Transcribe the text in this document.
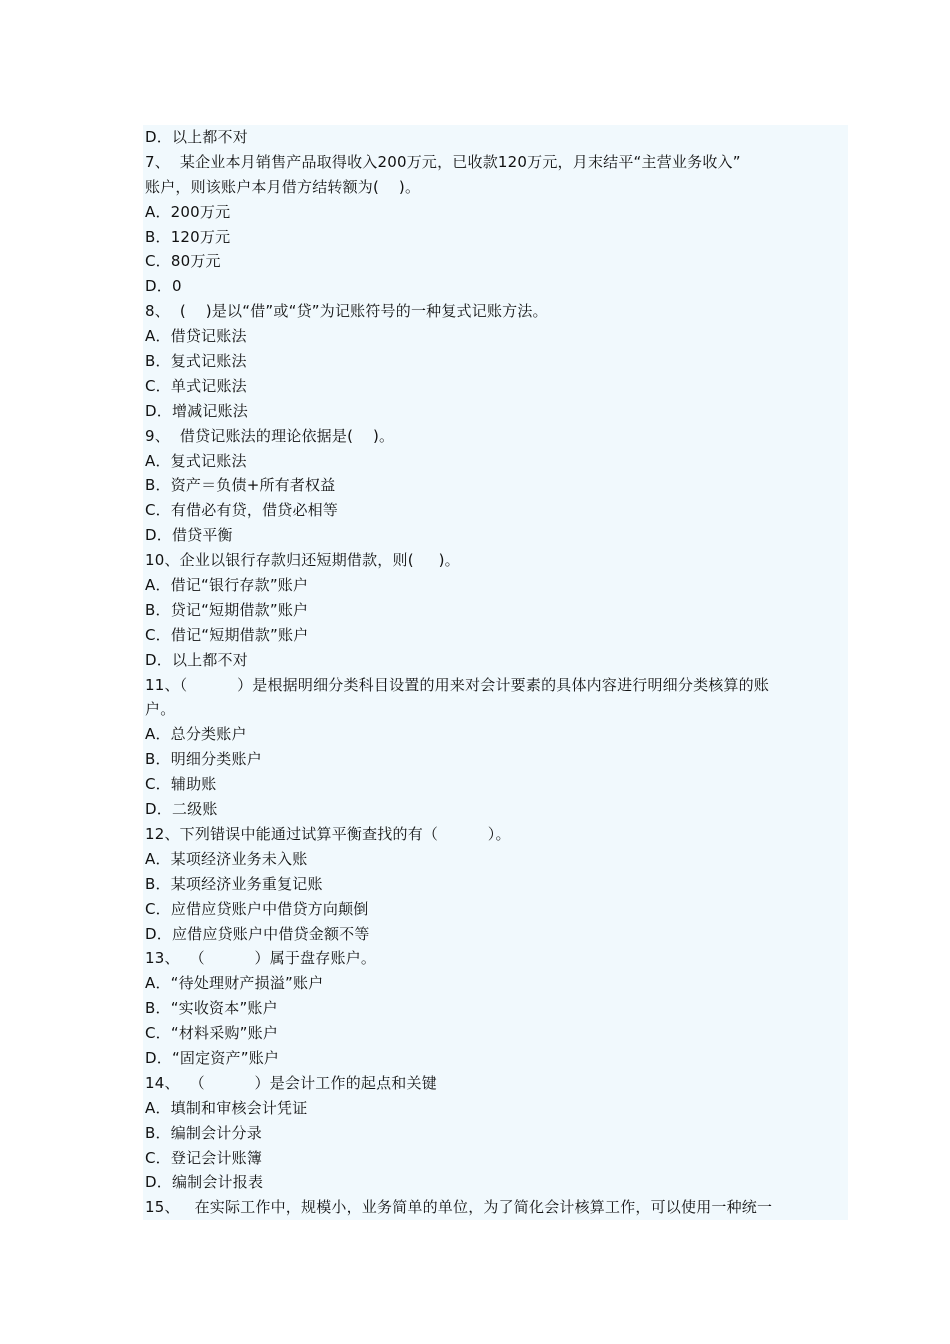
D．以上都不对
7、  某企业本月销售产品取得收入200万元，已收款120万元，月末结平“主营业务收入”
账户，则该账户本月借方结转额为(    )。
A．200万元
B．120万元
C．80万元
D．0
8、  (    )是以“借”或“贷”为记账符号的一种复式记账方法。
A．借贷记账法
B．复式记账法
C．单式记账法
D．增减记账法
9、  借贷记账法的理论依据是(    )。
A．复式记账法
B．资产＝负债+所有者权益
C．有借必有贷，借贷必相等
D．借贷平衡
10、企业以银行存款归还短期借款，则(     )。
A．借记“银行存款”账户
B．贷记“短期借款”账户
C．借记“短期借款”账户
D．以上都不对
11、（          ）是根据明细分类科目设置的用来对会计要素的具体内容进行明细分类核算的账
户。
A．总分类账户
B．明细分类账户
C．辅助账
D．二级账
12、下列错误中能通过试算平衡查找的有（          ）。
A．某项经济业务未入账
B．某项经济业务重复记账
C．应借应贷账户中借贷方向颠倒
D．应借应贷账户中借贷金额不等
13、  （          ）属于盘存账户。
A．“待处理财产损溢”账户
B．“实收资本”账户
C．“材料采购”账户
D．“固定资产”账户
14、  （          ）是会计工作的起点和关键
A．填制和审核会计凭证
B．编制会计分录
C．登记会计账簿
D．编制会计报表
15、   在实际工作中，规模小，业务简单的单位，为了简化会计核算工作，可以使用一种统一
